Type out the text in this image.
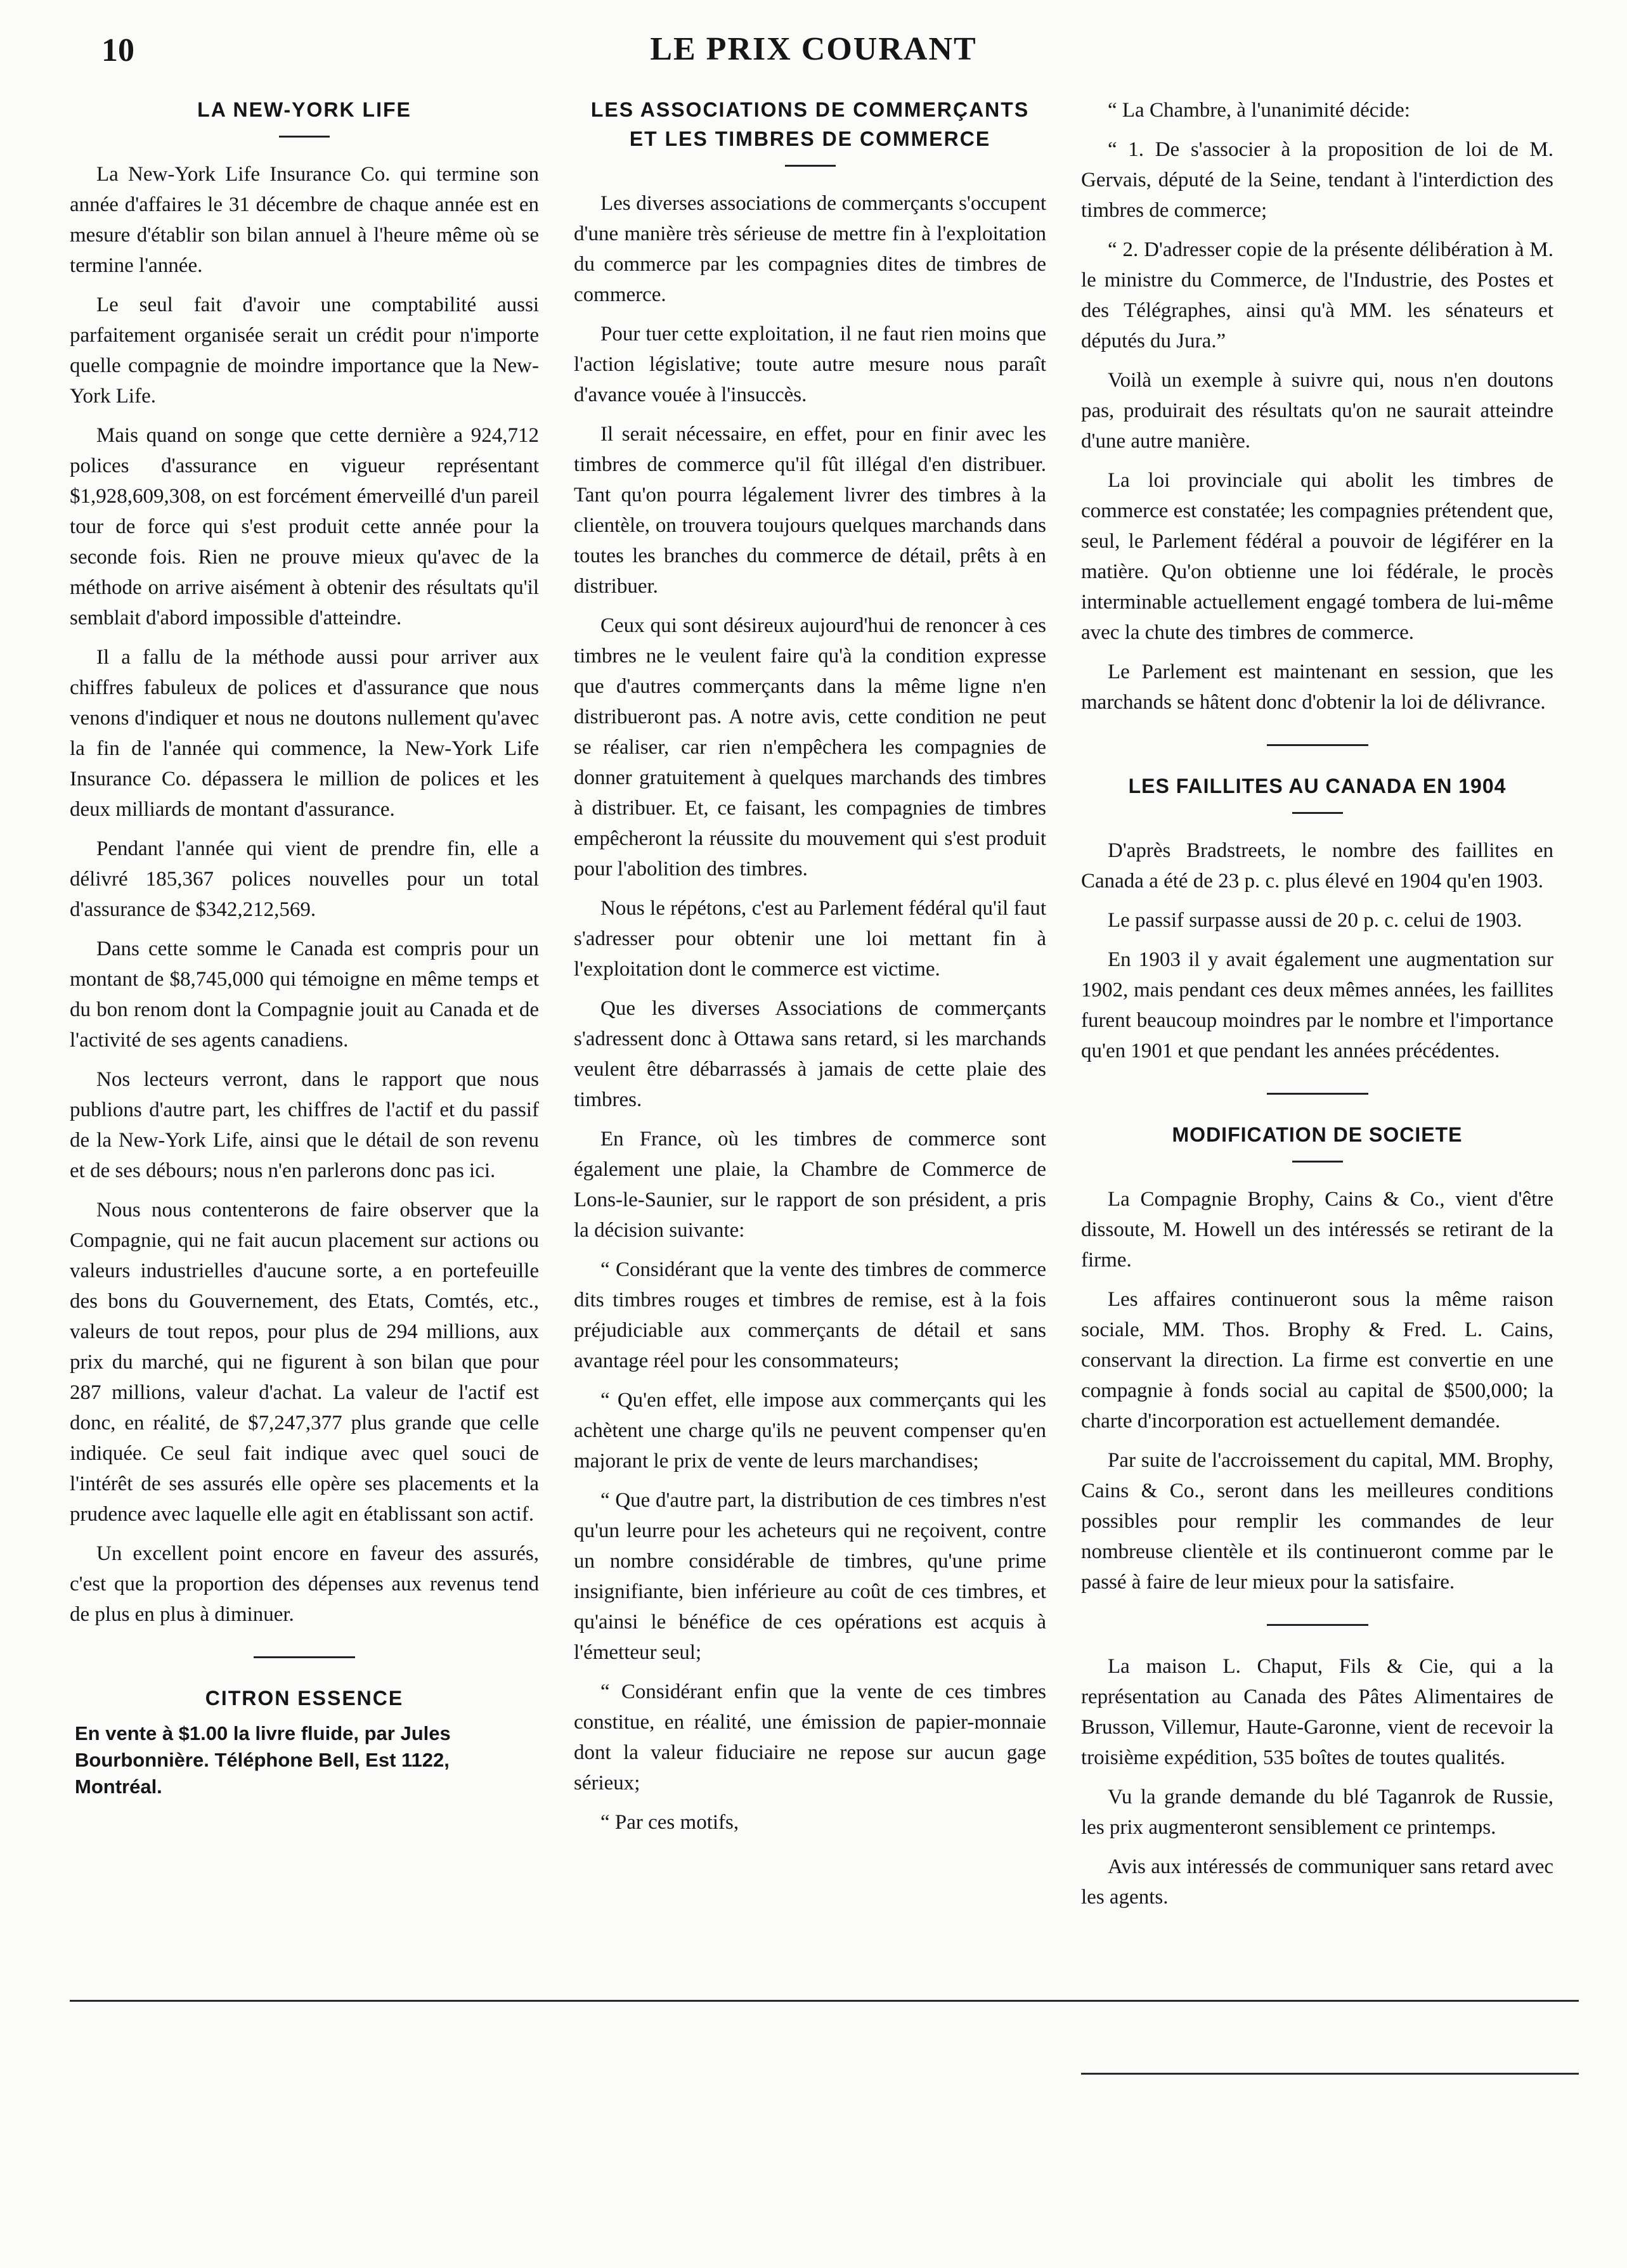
10	LE PRIX COURANT
LA NEW-YORK LIFE

La New-York Life Insurance Co. qui termine son année d'affaires le 31 décembre de chaque année est en mesure d'établir son bilan annuel à l'heure même où se termine l'année.

Le seul fait d'avoir une comptabilité aussi parfaitement organisée serait un crédit pour n'importe quelle compagnie de moindre importance que la New-York Life.

Mais quand on songe que cette dernière a 924,712 polices d'assurance en vigueur représentant $1,928,609,308, on est forcément émerveillé d'un pareil tour de force qui s'est produit cette année pour la seconde fois. Rien ne prouve mieux qu'avec de la méthode on arrive aisément à obtenir des résultats qu'il semblait d'abord impossible d'atteindre.

Il a fallu de la méthode aussi pour arriver aux chiffres fabuleux de polices et d'assurance que nous venons d'indiquer et nous ne doutons nullement qu'avec la fin de l'année qui commence, la New-York Life Insurance Co. dépassera le million de polices et les deux milliards de montant d'assurance.

Pendant l'année qui vient de prendre fin, elle a délivré 185,367 polices nouvelles pour un total d'assurance de $342,212,569.

Dans cette somme le Canada est compris pour un montant de $8,745,000 qui témoigne en même temps et du bon renom dont la Compagnie jouit au Canada et de l'activité de ses agents canadiens.

Nos lecteurs verront, dans le rapport que nous publions d'autre part, les chiffres de l'actif et du passif de la New-York Life, ainsi que le détail de son revenu et de ses débours; nous n'en parlerons donc pas ici.

Nous nous contenterons de faire observer que la Compagnie, qui ne fait aucun placement sur actions ou valeurs industrielles d'aucune sorte, a en portefeuille des bons du Gouvernement, des Etats, Comtés, etc., valeurs de tout repos, pour plus de 294 millions, aux prix du marché, qui ne figurent à son bilan que pour 287 millions, valeur d'achat. La valeur de l'actif est donc, en réalité, de $7,247,377 plus grande que celle indiquée. Ce seul fait indique avec quel souci de l'intérêt de ses assurés elle opère ses placements et la prudence avec laquelle elle agit en établissant son actif.

Un excellent point encore en faveur des assurés, c'est que la proportion des dépenses aux revenus tend de plus en plus à diminuer.

CITRON ESSENCE
En vente à $1.00 la livre fluide, par Jules Bourbonnière. Téléphone Bell, Est 1122, Montréal.
LES ASSOCIATIONS DE COMMERÇANTS ET LES TIMBRES DE COMMERCE

Les diverses associations de commerçants s'occupent d'une manière très sérieuse de mettre fin à l'exploitation du commerce par les compagnies dites de timbres de commerce.

Pour tuer cette exploitation, il ne faut rien moins que l'action législative; toute autre mesure nous paraît d'avance vouée à l'insuccès.

Il serait nécessaire, en effet, pour en finir avec les timbres de commerce qu'il fût illégal d'en distribuer. Tant qu'on pourra légalement livrer des timbres à la clientèle, on trouvera toujours quelques marchands dans toutes les branches du commerce de détail, prêts à en distribuer.

Ceux qui sont désireux aujourd'hui de renoncer à ces timbres ne le veulent faire qu'à la condition expresse que d'autres commerçants dans la même ligne n'en distribueront pas. A notre avis, cette condition ne peut se réaliser, car rien n'empêchera les compagnies de donner gratuitement à quelques marchands des timbres à distribuer. Et, ce faisant, les compagnies de timbres empêcheront la réussite du mouvement qui s'est produit pour l'abolition des timbres.

Nous le répétons, c'est au Parlement fédéral qu'il faut s'adresser pour obtenir une loi mettant fin à l'exploitation dont le commerce est victime.

Que les diverses Associations de commerçants s'adressent donc à Ottawa sans retard, si les marchands veulent être débarrassés à jamais de cette plaie des timbres.

En France, où les timbres de commerce sont également une plaie, la Chambre de Commerce de Lons-le-Saunier, sur le rapport de son président, a pris la décision suivante:

“ Considérant que la vente des timbres de commerce dits timbres rouges et timbres de remise, est à la fois préjudiciable aux commerçants de détail et sans avantage réel pour les consommateurs;

“ Qu'en effet, elle impose aux commerçants qui les achètent une charge qu'ils ne peuvent compenser qu'en majorant le prix de vente de leurs marchandises;

“ Que d'autre part, la distribution de ces timbres n'est qu'un leurre pour les acheteurs qui ne reçoivent, contre un nombre considérable de timbres, qu'une prime insignifiante, bien inférieure au coût de ces timbres, et qu'ainsi le bénéfice de ces opérations est acquis à l'émetteur seul;

“ Considérant enfin que la vente de ces timbres constitue, en réalité, une émission de papier-monnaie dont la valeur fiduciaire ne repose sur aucun gage sérieux;

“ Par ces motifs,

“ La Chambre, à l'unanimité décide:

“ 1. De s'associer à la proposition de loi de M. Gervais, député de la Seine, tendant à l'interdiction des timbres de commerce;

“ 2. D'adresser copie de la présente délibération à M. le ministre du Commerce, de l'Industrie, des Postes et des Télégraphes, ainsi qu'à MM. les sénateurs et députés du Jura.”

Voilà un exemple à suivre qui, nous n'en doutons pas, produirait des résultats qu'on ne saurait atteindre d'une autre manière.

La loi provinciale qui abolit les timbres de commerce est constatée; les compagnies prétendent que, seul, le Parlement fédéral a pouvoir de légiférer en la matière. Qu'on obtienne une loi fédérale, le procès interminable actuellement engagé tombera de lui-même avec la chute des timbres de commerce.

Le Parlement est maintenant en session, que les marchands se hâtent donc d'obtenir la loi de délivrance.

LES FAILLITES AU CANADA EN 1904

D'après Bradstreets, le nombre des faillites en Canada a été de 23 p. c. plus élevé en 1904 qu'en 1903.

Le passif surpasse aussi de 20 p. c. celui de 1903.

En 1903 il y avait également une augmentation sur 1902, mais pendant ces deux mêmes années, les faillites furent beaucoup moindres par le nombre et l'importance qu'en 1901 et que pendant les années précédentes.

MODIFICATION DE SOCIETE

La Compagnie Brophy, Cains & Co., vient d'être dissoute, M. Howell un des intéressés se retirant de la firme.

Les affaires continueront sous la même raison sociale, MM. Thos. Brophy & Fred. L. Cains, conservant la direction. La firme est convertie en une compagnie à fonds social au capital de $500,000; la charte d'incorporation est actuellement demandée.

Par suite de l'accroissement du capital, MM. Brophy, Cains & Co., seront dans les meilleures conditions possibles pour remplir les commandes de leur nombreuse clientèle et ils continueront comme par le passé à faire de leur mieux pour la satisfaire.

La maison L. Chaput, Fils & Cie, qui a la représentation au Canada des Pâtes Alimentaires de Brusson, Villemur, Haute-Garonne, vient de recevoir la troisième expédition, 535 boîtes de toutes qualités.

Vu la grande demande du blé Taganrok de Russie, les prix augmenteront sensiblement ce printemps.

Avis aux intéressés de communiquer sans retard avec les agents.
